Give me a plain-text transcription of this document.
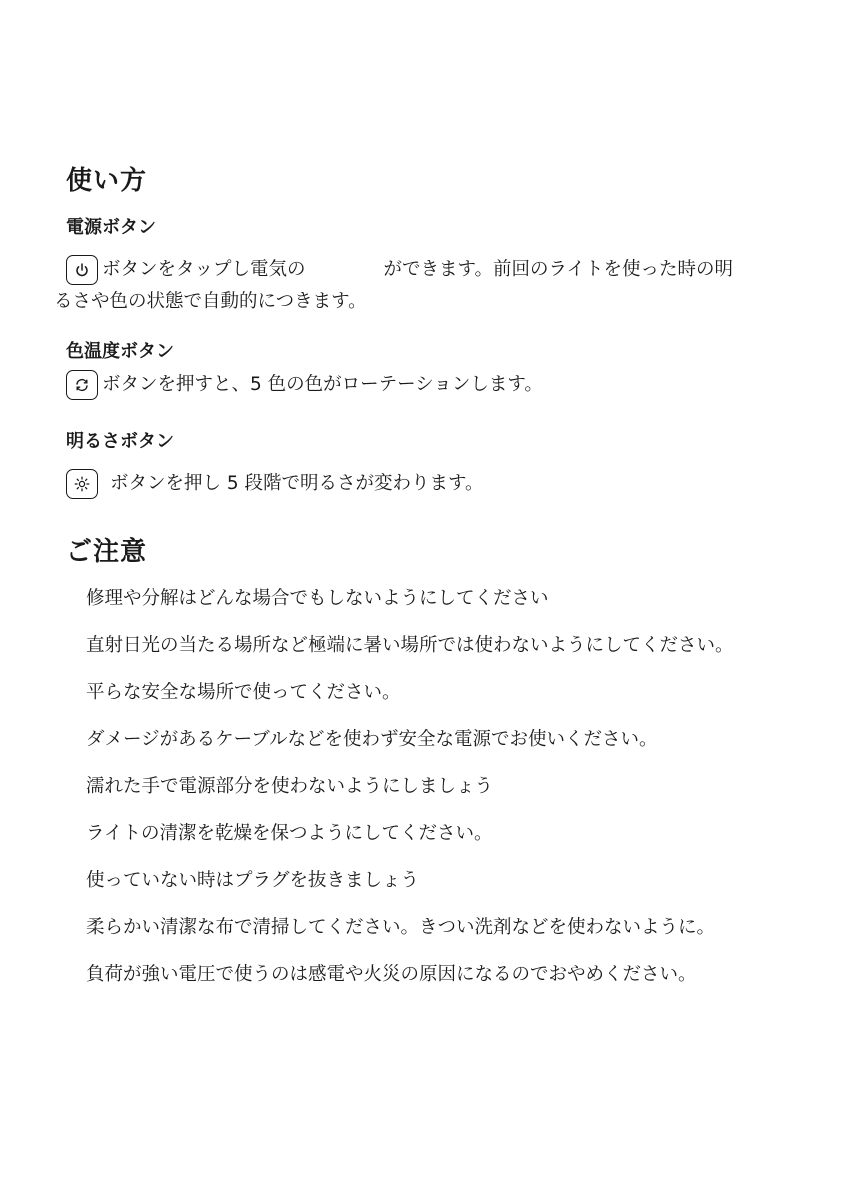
使い方
電源ボタン
ボタンをタップし電気の	ができます。前回のライトを使った時の明
るさや色の状態で自動的につきます。
色温度ボタン
ボタンを押すと、5 色の色がローテーションします。
明るさボタン
ボタンを押し 5 段階で明るさが変わります。
ご注意
修理や分解はどんな場合でもしないようにしてください
直射日光の当たる場所など極端に暑い場所では使わないようにしてください。
平らな安全な場所で使ってください。
ダメージがあるケーブルなどを使わず安全な電源でお使いください。
濡れた手で電源部分を使わないようにしましょう
ライトの清潔を乾燥を保つようにしてください。
使っていない時はプラグを抜きましょう
柔らかい清潔な布で清掃してください。きつい洗剤などを使わないように。
負荷が強い電圧で使うのは感電や火災の原因になるのでおやめください。
